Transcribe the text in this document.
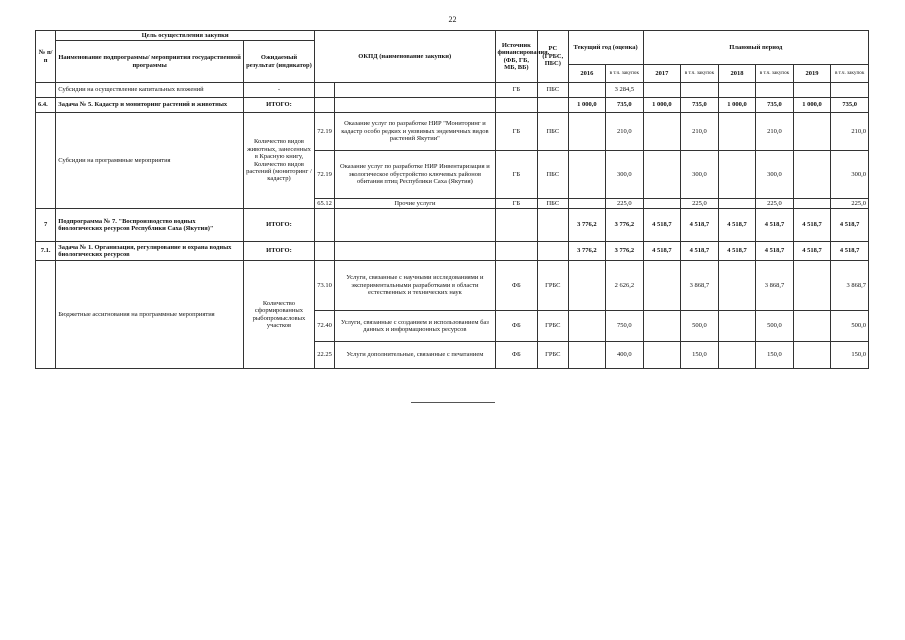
22
№ п/п	Цель осуществления закупки		ОКПД (наименование закупки)		Источник финансирования. (ФБ, ГБ, МБ, ВБ)	РС (ГРБС, ПБС)	Текущий год (оценка)		Плановый период					
	Наименование подпрограммы/ мероприятия государственной программы	Ожидаемый результат (индикатор)												
							2016	в т.ч. закупок	2017	в т.ч. закупок	2018	в т.ч. закупок	2019	в т.ч. закупок
	Субсидии на осуществление капитальных вложений	-			ГБ	ПБС		3 284,5						
6.4.	Задача № 5. Кадастр и мониторинг растений и животных	ИТОГО:					1 000,0	735,0	1 000,0	735,0	1 000,0	735,0	1 000,0	735,0
	Субсидии на программные мероприятия	Количество видов животных, занесенных в Красную книгу, Количество видов растений (мониторинг / кадастр)	72.19	Оказание услуг по разработке НИР "Мониторинг и кадастр особо редких и уязвимых эндемичных видов растений Якутии"	ГБ	ПБС		210,0		210,0		210,0		210,0
			72.19	Оказание услуг по разработке НИР Инвентаризация и экологическое обустройство ключевых районов обитания птиц Республики Саха (Якутия)	ГБ	ПБС		300,0		300,0		300,0		300,0
			65.12	Прочие услуги	ГБ	ПБС		225,0		225,0		225,0		225,0
7	Подпрограмма № 7. "Воспроизводство водных биологических ресурсов Республики Саха (Якутия)"	ИТОГО:					3 776,2	3 776,2	4 518,7	4 518,7	4 518,7	4 518,7	4 518,7	4 518,7
7.1.	Задача № 1. Организация, регулирование и охрана водных биологических ресурсов	ИТОГО:					3 776,2	3 776,2	4 518,7	4 518,7	4 518,7	4 518,7	4 518,7	4 518,7
	Бюджетные ассигнования на программные мероприятия	Количество сформированных рыбопромысловых участков	73.10	Услуги, связанные с научными исследованиями и экспериментальными разработками в области естественных и технических наук	ФБ	ГРБС		2 626,2		3 868,7		3 868,7		3 868,7
			72.40	Услуги, связанные с созданием и использованием баз данных и информационных ресурсов	ФБ	ГРБС		750,0		500,0		500,0		500,0
			22.25	Услуги дополнительные, связанные с печатанием	ФБ	ГРБС		400,0		150,0		150,0		150,0
